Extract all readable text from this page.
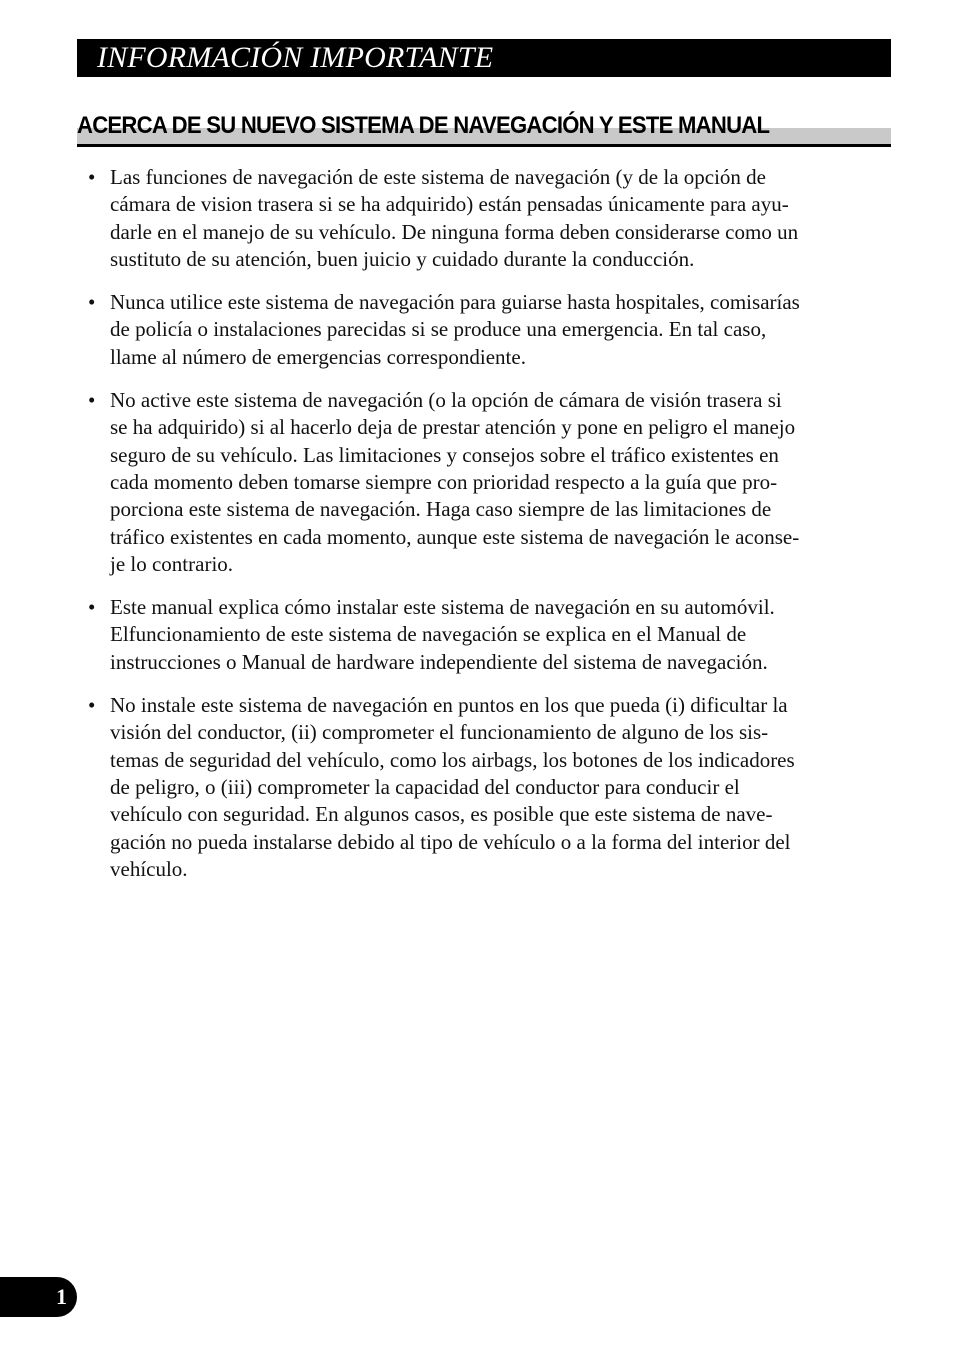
INFORMACIÓN IMPORTANTE
ACERCA DE SU NUEVO SISTEMA DE NAVEGACIÓN Y ESTE MANUAL
• Las funciones de navegación de este sistema de navegación (y de la opción de
cámara de vision trasera si se ha adquirido) están pensadas únicamente para ayu-
darle en el manejo de su vehículo. De ninguna forma deben considerarse como un
sustituto de su atención, buen juicio y cuidado durante la conducción.
• Nunca utilice este sistema de navegación para guiarse hasta hospitales, comisarías
de policía o instalaciones parecidas si se produce una emergencia. En tal caso,
llame al número de emergencias correspondiente.
• No active este sistema de navegación (o la opción de cámara de visión trasera si
se ha adquirido) si al hacerlo deja de prestar atención y pone en peligro el manejo
seguro de su vehículo. Las limitaciones y consejos sobre el tráfico existentes en
cada momento deben tomarse siempre con prioridad respecto a la guía que pro-
porciona este sistema de navegación. Haga caso siempre de las limitaciones de
tráfico existentes en cada momento, aunque este sistema de navegación le aconse-
je lo contrario.
• Este manual explica cómo instalar este sistema de navegación en su automóvil.
Elfuncionamiento de este sistema de navegación se explica en el Manual de
instrucciones o Manual de hardware independiente del sistema de navegación.
• No instale este sistema de navegación en puntos en los que pueda (i) dificultar la
visión del conductor, (ii) comprometer el funcionamiento de alguno de los sis-
temas de seguridad del vehículo, como los airbags, los botones de los indicadores
de peligro, o (iii) comprometer la capacidad del conductor para conducir el
vehículo con seguridad. En algunos casos, es posible que este sistema de nave-
gación no pueda instalarse debido al tipo de vehículo o a la forma del interior del
vehículo.
1
